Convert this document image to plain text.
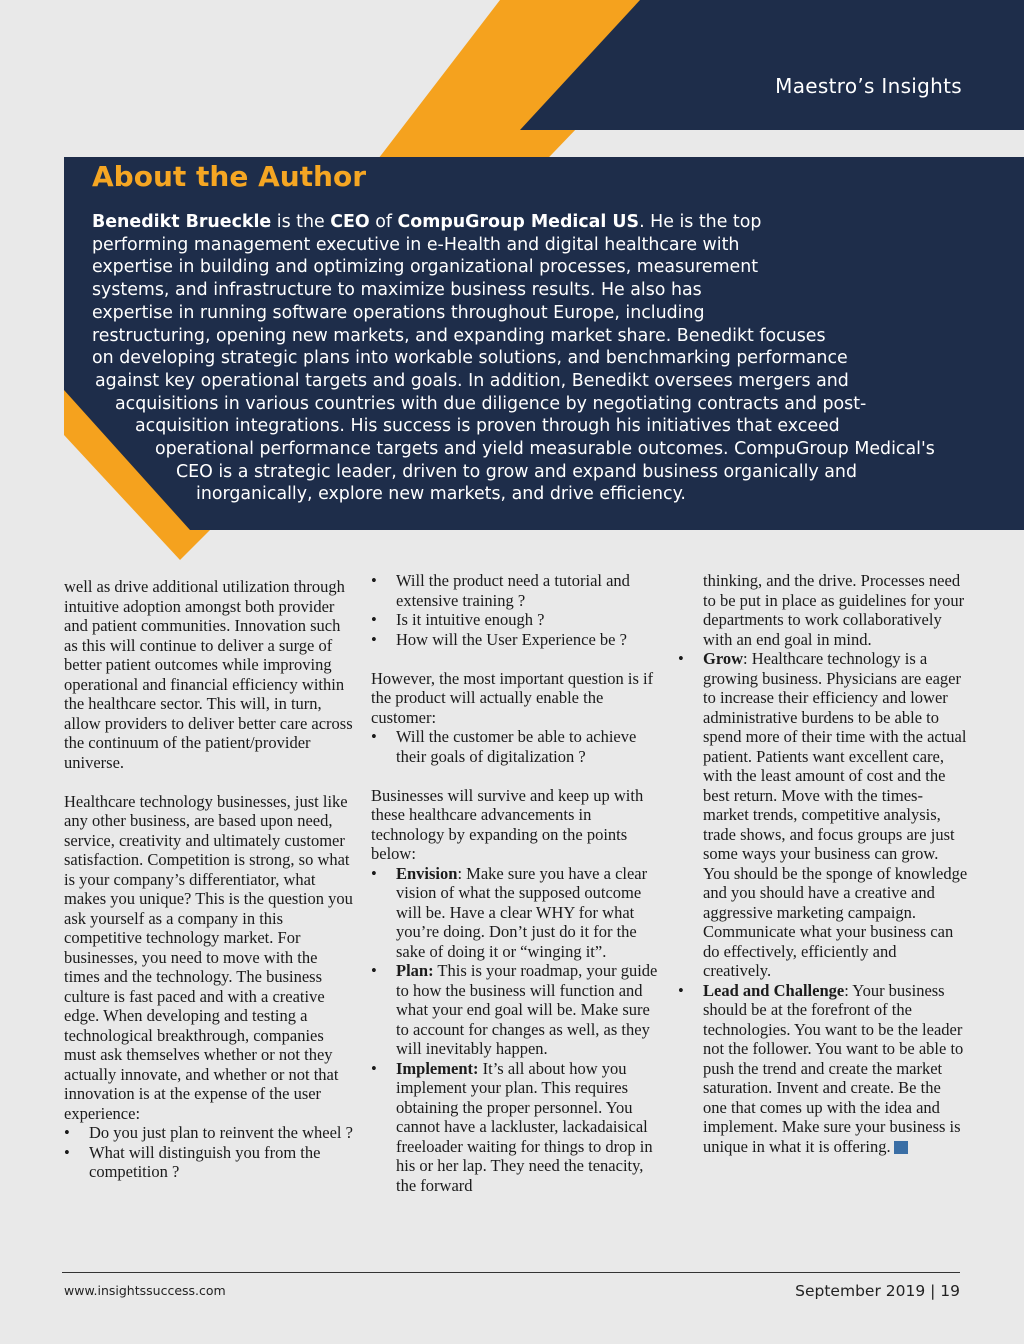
Maestro’s Insights
About the Author
Benedikt Brueckle is the CEO of CompuGroup Medical US. He is the top
performing management executive in e-Health and digital healthcare with
expertise in building and optimizing organizational processes, measurement
systems, and infrastructure to maximize business results. He also has
expertise in running software operations throughout Europe, including
restructuring, opening new markets, and expanding market share. Benedikt focuses
on developing strategic plans into workable solutions, and benchmarking performance
against key operational targets and goals. In addition, Benedikt oversees mergers and
acquisitions in various countries with due diligence by negotiating contracts and post-
acquisition integrations. His success is proven through his initiatives that exceed
operational performance targets and yield measurable outcomes. CompuGroup Medical's
CEO is a strategic leader, driven to grow and expand business organically and
inorganically, explore new markets, and drive efficiency.

well as drive additional utilization through intuitive adoption amongst both provider and patient communities. Innovation such as this will continue to deliver a surge of better patient outcomes while improving operational and financial efficiency within the healthcare sector. This will, in turn, allow providers to deliver better care across the continuum of the patient/provider universe.

Healthcare technology businesses, just like any other business, are based upon need, service, creativity and ultimately customer satisfaction. Competition is strong, so what is your company’s differentiator, what makes you unique? This is the question you ask yourself as a company in this competitive technology market. For businesses, you need to move with the times and the technology. The business culture is fast paced and with a creative edge. When developing and testing a technological breakthrough, companies must ask themselves whether or not they actually innovate, and whether or not that innovation is at the expense of the user experience:

• Do you just plan to reinvent the wheel ?
• What will distinguish you from the competition ?
• Will the product need a tutorial and extensive training ?
• Is it intuitive enough ?
• How will the User Experience be ?

However, the most important question is if the product will actually enable the customer:

• Will the customer be able to achieve their goals of digitalization ?

Businesses will survive and keep up with these healthcare advancements in technology by expanding on the points below:

• Envision: Make sure you have a clear vision of what the supposed outcome will be. Have a clear WHY for what you’re doing. Don’t just do it for the sake of doing it or “winging it”.
• Plan: This is your roadmap, your guide to how the business will function and what your end goal will be. Make sure to account for changes as well, as they will inevitably happen.
• Implement: It’s all about how you implement your plan. This requires obtaining the proper personnel. You cannot have a lackluster, lackadaisical freeloader waiting for things to drop in his or her lap. They need the tenacity, the forward

thinking, and the drive. Processes need to be put in place as guidelines for your departments to work collaboratively with an end goal in mind.

• Grow: Healthcare technology is a growing business. Physicians are eager to increase their efficiency and lower administrative burdens to be able to spend more of their time with the actual patient. Patients want excellent care, with the least amount of cost and the best return. Move with the times- market trends, competitive analysis, trade shows, and focus groups are just some ways your business can grow. You should be the sponge of knowledge and you should have a creative and aggressive marketing campaign. Communicate what your business can do effectively, efficiently and creatively.
• Lead and Challenge: Your business should be at the forefront of the technologies. You want to be the leader not the follower. You want to be able to push the trend and create the market saturation. Invent and create. Be the one that comes up with the idea and implement. Make sure your business is unique in what it is offering.
www.insightssuccess.com	September 2019 | 19
